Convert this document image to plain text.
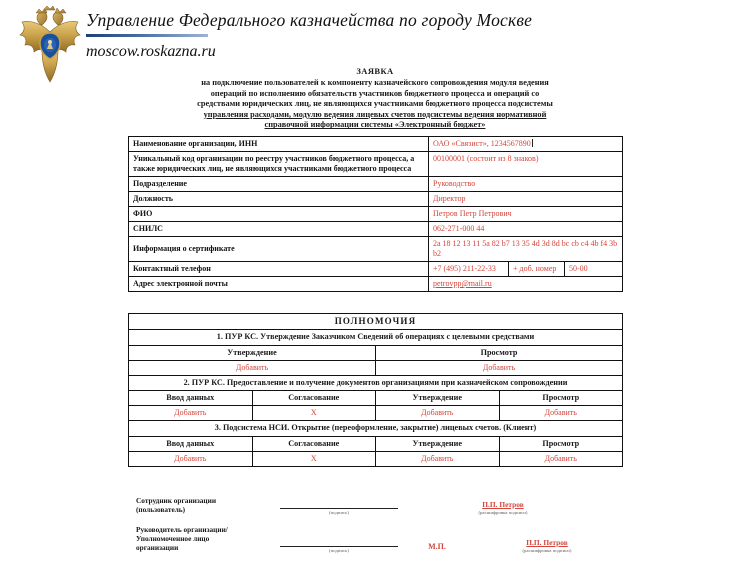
Управление Федерального казначейства по городу Москве
moscow.roskazna.ru
ЗАЯВКА
на подключение пользователей к компоненту казначейского сопровождения модуля ведения
операций по исполнению обязательств участников бюджетного процесса и операций со
средствами юридических лиц, не являющихся участниками бюджетного процесса подсистемы
управления расходами, модулю ведения лицевых счетов подсистемы ведения нормативной
справочной информации системы «Электронный бюджет»
Наименование организации, ИНН	ОАО «Связист», 1234567890		
Уникальный код организации по реестру участников бюджетного процесса, а также юридических лиц, не являющихся участниками бюджетного процесса	00100001 (состоит из 8 знаков)		
Подразделение	Руководство		
Должность	Директор		
ФИО	Петров Петр Петрович		
СНИЛС	062-271-000 44		
Информация о сертификате	2a 18 12 13 11 5a 82 b7 13 35 4d 3d 8d bc cb c4 4b f4 3b b2		
Контактный телефон	+7 (495) 211-22-33	+ доб. номер	50-00
Адрес электронной почты	petrovpp@mail.ru		
ПОЛНОМОЧИЯ			
1. ПУР КС. Утверждение Заказчиком Сведений об операциях с целевыми средствами			
Утверждение		Просмотр	
Добавить		Добавить	
2. ПУР КС. Предоставление и получение документов организациями при казначейском сопровождении			
Ввод данных	Согласование	Утверждение	Просмотр
Добавить	X	Добавить	Добавить
3. Подсистема НСИ. Открытие (переоформление, закрытие) лицевых счетов. (Клиент)			
Ввод данных	Согласование	Утверждение	Просмотр
Добавить	X	Добавить	Добавить
Сотрудник организации
(пользователь)	(подпись)
П.П. Петров
(расшифровка подписи)
Руководитель организации/
Уполномоченное лицо
организации	(подпись)	М.П.	П.П. Петров
(расшифровка подписи)
